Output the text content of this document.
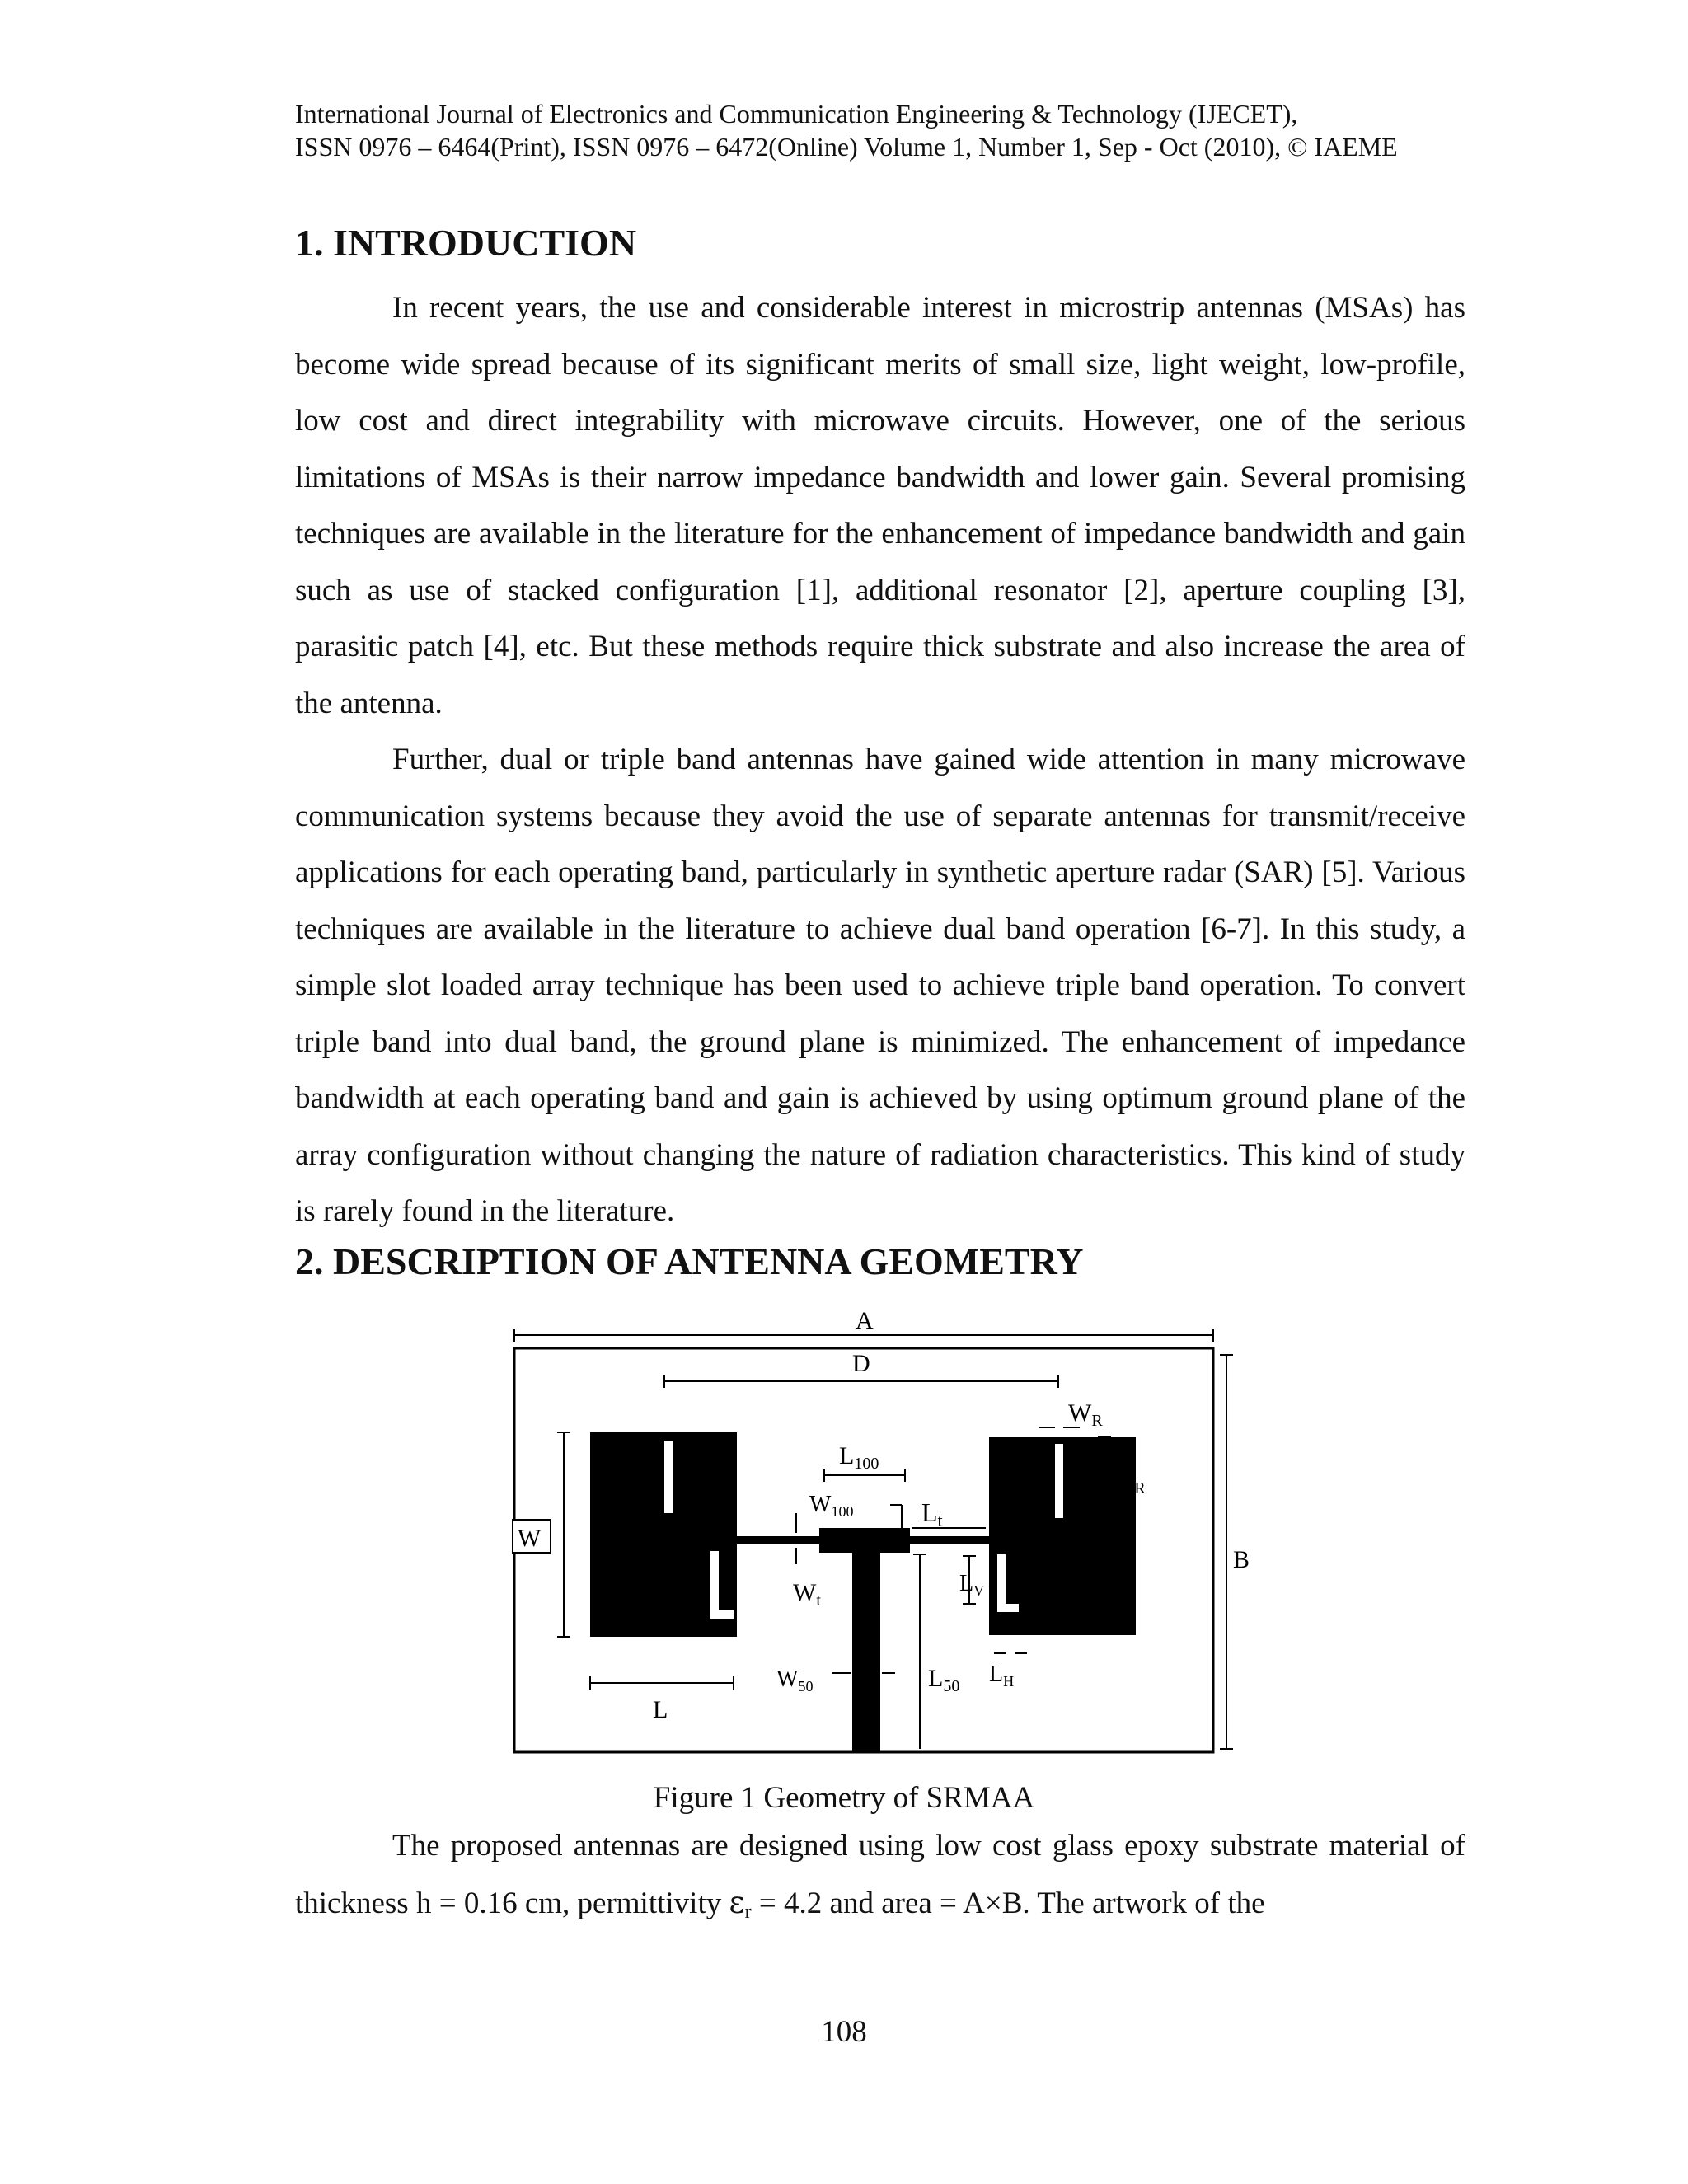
International Journal of Electronics and Communication Engineering & Technology (IJECET),
ISSN 0976 – 6464(Print), ISSN 0976 – 6472(Online) Volume 1, Number 1, Sep - Oct (2010), © IAEME
1. INTRODUCTION

In recent years, the use and considerable interest in microstrip antennas (MSAs) has become wide spread because of its significant merits of small size, light weight, low-profile, low cost and direct integrability with microwave circuits. However, one of the serious limitations of MSAs is their narrow impedance bandwidth and lower gain. Several promising techniques are available in the literature for the enhancement of impedance bandwidth and gain such as use of stacked configuration [1], additional resonator [2], aperture coupling [3], parasitic patch [4], etc. But these methods require thick substrate and also increase the area of the antenna.

Further, dual or triple band antennas have gained wide attention in many microwave communication systems because they avoid the use of separate antennas for transmit/receive applications for each operating band, particularly in synthetic aperture radar (SAR) [5]. Various techniques are available in the literature to achieve dual band operation [6-7]. In this study, a simple slot loaded array technique has been used to achieve triple band operation. To convert triple band into dual band, the ground plane is minimized. The enhancement of impedance bandwidth at each operating band and gain is achieved by using optimum ground plane of the array configuration without changing the nature of radiation characteristics. This kind of study is rarely found in the literature.

2. DESCRIPTION OF ANTENNA GEOMETRY
A
B
D
W
L
$L_{100}$
$W_{100}$	Lt
$W_t$
$L_R$
$W_R$
$L_V$
$L_{50}$
$W_{50}$	$L_H$
Figure 1 Geometry of SRMAA

The proposed antennas are designed using low cost glass epoxy substrate material of thickness h = 0.16 cm, permittivity $\varepsilon_r = 4.2$ and area = A×B. The artwork of the

108
